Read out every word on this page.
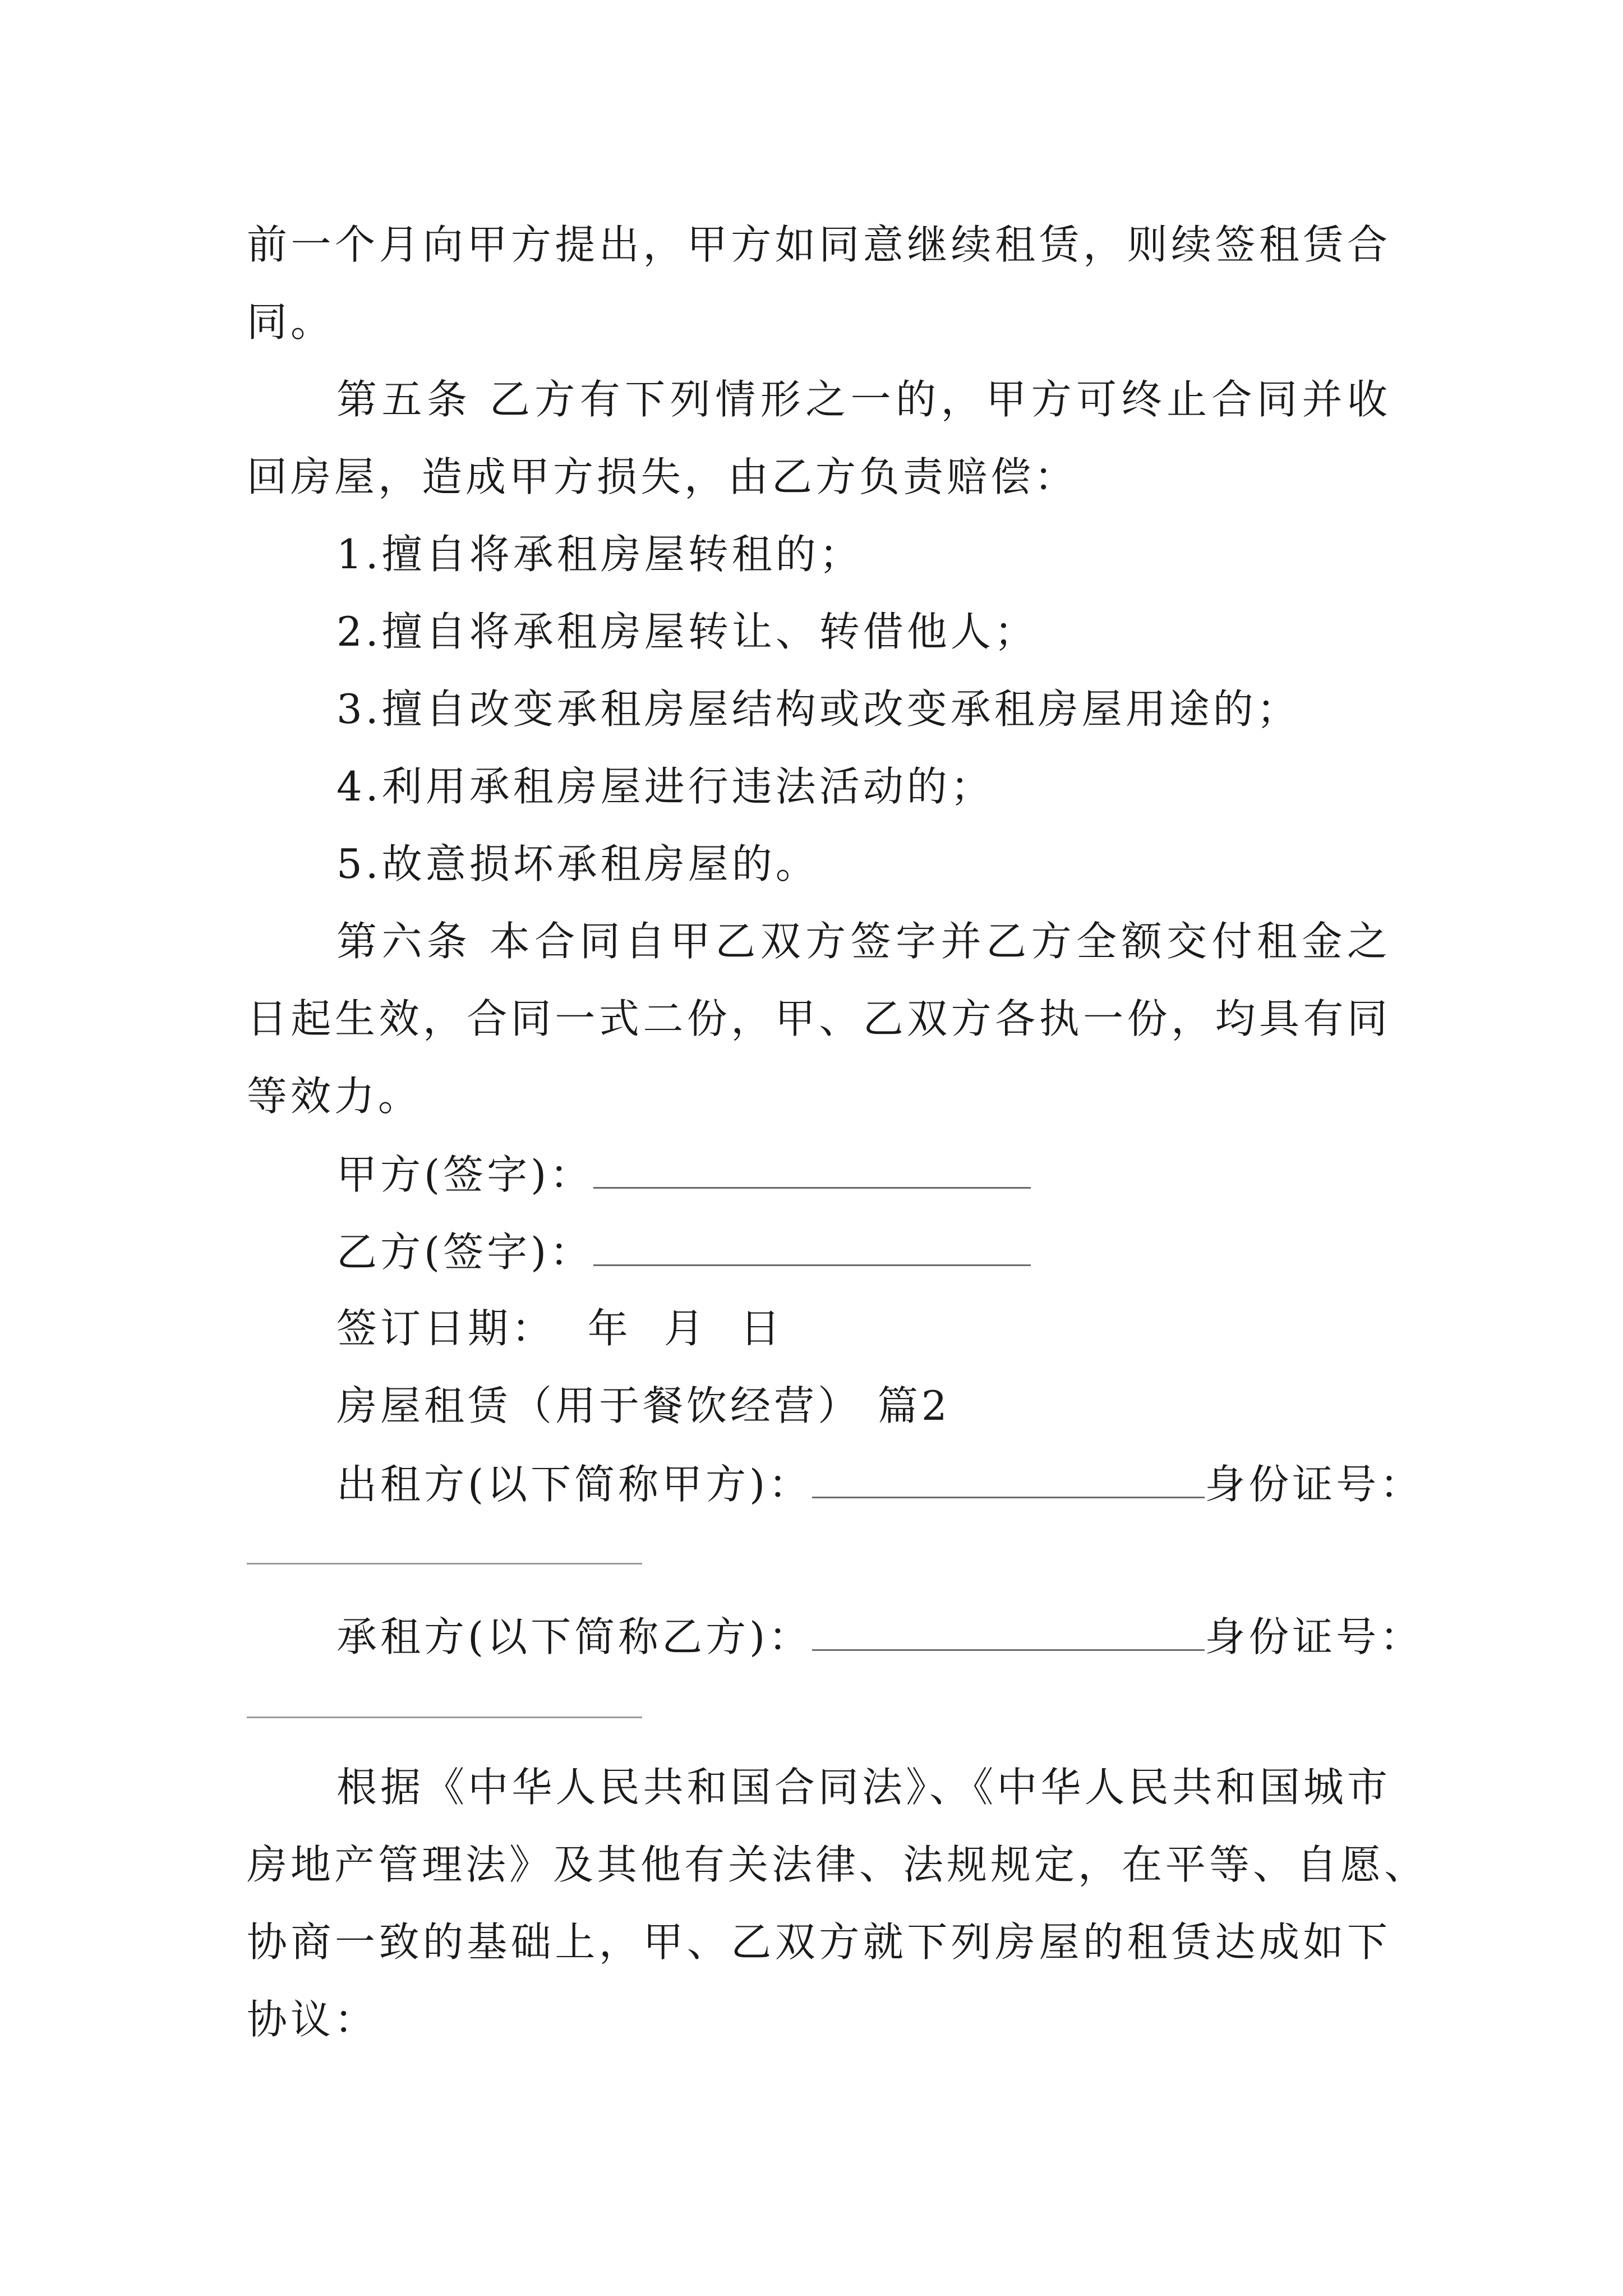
前一个月向甲方提出，甲方如同意继续租赁，则续签租赁合
同。
第五条 乙方有下列情形之一的，甲方可终止合同并收
回房屋，造成甲方损失，由乙方负责赔偿：
1.擅自将承租房屋转租的；
2.擅自将承租房屋转让、转借他人；
3.擅自改变承租房屋结构或改变承租房屋用途的；
4.利用承租房屋进行违法活动的；
5.故意损坏承租房屋的。
第六条 本合同自甲乙双方签字并乙方全额交付租金之
日起生效，合同一式二份，甲、乙双方各执一份，均具有同
等效力。
甲方(签字)：
乙方(签字)：
签订日期：  年  月  日
房屋租赁（用于餐饮经营） 篇2
出租方(以下简称甲方)：	身份证号：
承租方(以下简称乙方)：	身份证号：
根据《中华人民共和国合同法》、《中华人民共和国城市
房地产管理法》及其他有关法律、法规规定，在平等、自愿、
协商一致的基础上，甲、乙双方就下列房屋的租赁达成如下
协议：
